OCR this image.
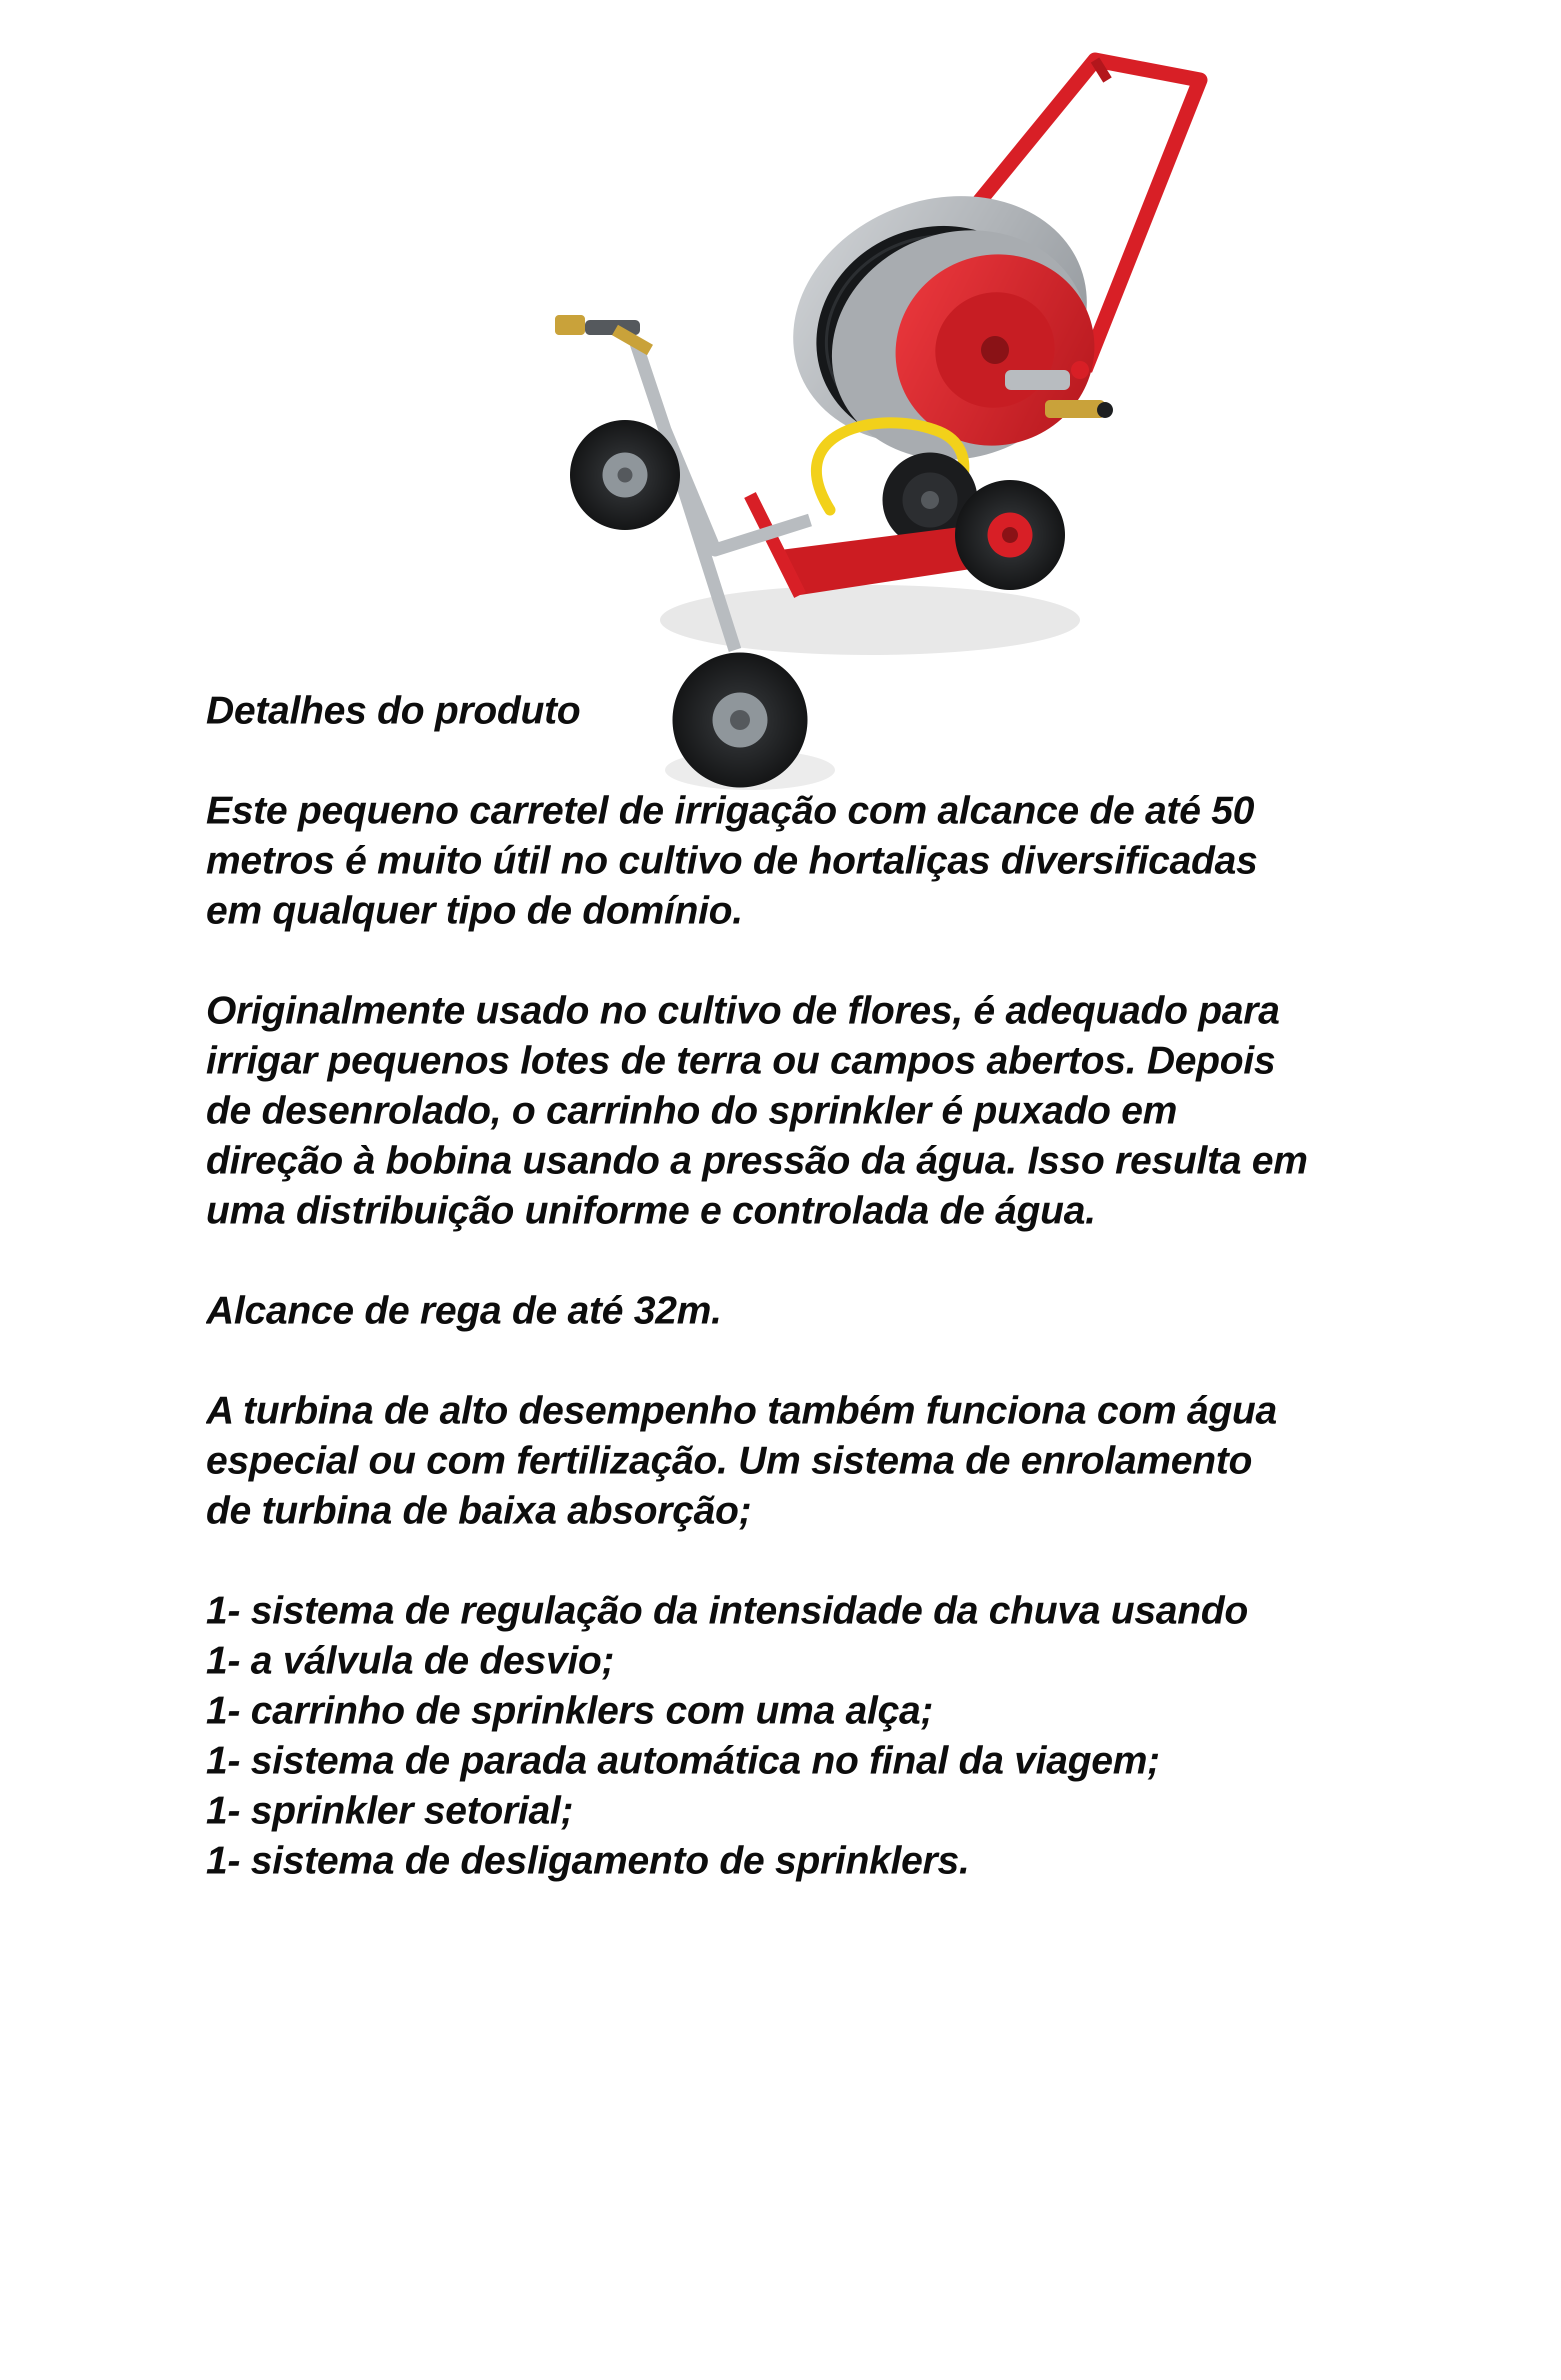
Detalhes do produto

Este pequeno carretel de irrigação com alcance de até 50
metros é muito útil no cultivo de hortaliças diversificadas
em qualquer tipo de domínio.

Originalmente usado no cultivo de flores, é adequado para
irrigar pequenos lotes de terra ou campos abertos. Depois
de desenrolado, o carrinho do sprinkler é puxado em
direção à bobina usando a pressão da água. Isso resulta em
uma distribuição uniforme e controlada de água.

Alcance de rega de até 32m.

A turbina de alto desempenho também funciona com água
especial ou com fertilização. Um sistema de enrolamento
de turbina de baixa absorção;

1- sistema de regulação da intensidade da chuva usando
1- a válvula de desvio;
1- carrinho de sprinklers com uma alça;
1- sistema de parada automática no final da viagem;
1- sprinkler setorial;
1- sistema de desligamento de sprinklers.
